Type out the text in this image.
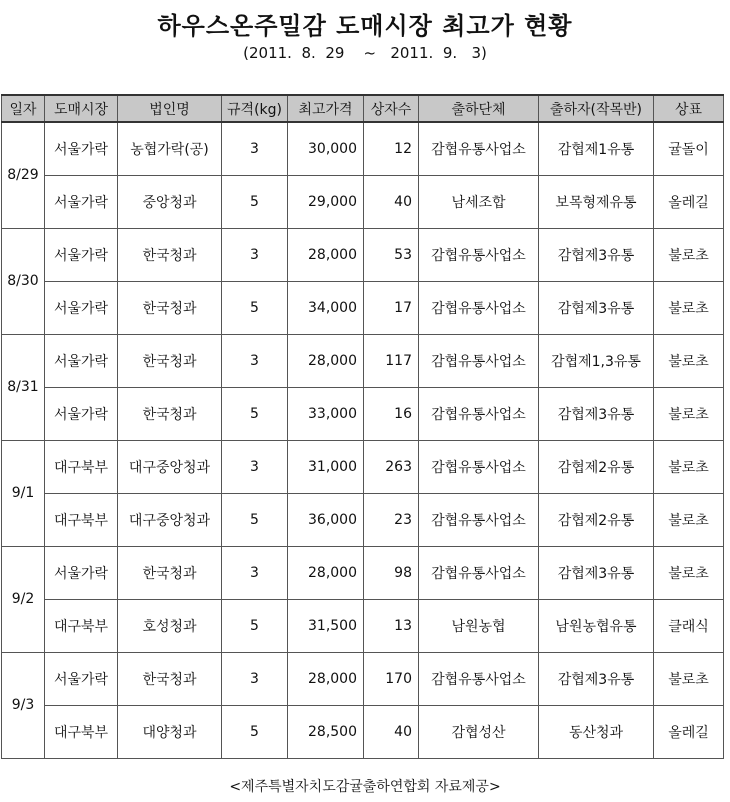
하우스온주밀감 도매시장 최고가 현황
(2011.  8.  29    ~   2011.  9.   3)
일자	도매시장	법인명	규격(kg)	최고가격	상자수	출하단체	출하자(작목반)	상표
8/29	서울가락	농협가락(공)	3	30,000	12	감협유통사업소	감협제1유통	귤돌이
	서울가락	중앙청과	5	29,000	40	남세조합	보목형제유통	올레길
8/30	서울가락	한국청과	3	28,000	53	감협유통사업소	감협제3유통	불로초
	서울가락	한국청과	5	34,000	17	감협유통사업소	감협제3유통	불로초
8/31	서울가락	한국청과	3	28,000	117	감협유통사업소	감협제1,3유통	불로초
	서울가락	한국청과	5	33,000	16	감협유통사업소	감협제3유통	불로초
9/1	대구북부	대구중앙청과	3	31,000	263	감협유통사업소	감협제2유통	불로초
	대구북부	대구중앙청과	5	36,000	23	감협유통사업소	감협제2유통	불로초
9/2	서울가락	한국청과	3	28,000	98	감협유통사업소	감협제3유통	불로초
	대구북부	호성청과	5	31,500	13	남원농협	남원농협유통	클래식
9/3	서울가락	한국청과	3	28,000	170	감협유통사업소	감협제3유통	불로초
	대구북부	대양청과	5	28,500	40	감협성산	동산청과	올레길
<제주특별자치도감귤출하연합회 자료제공>
